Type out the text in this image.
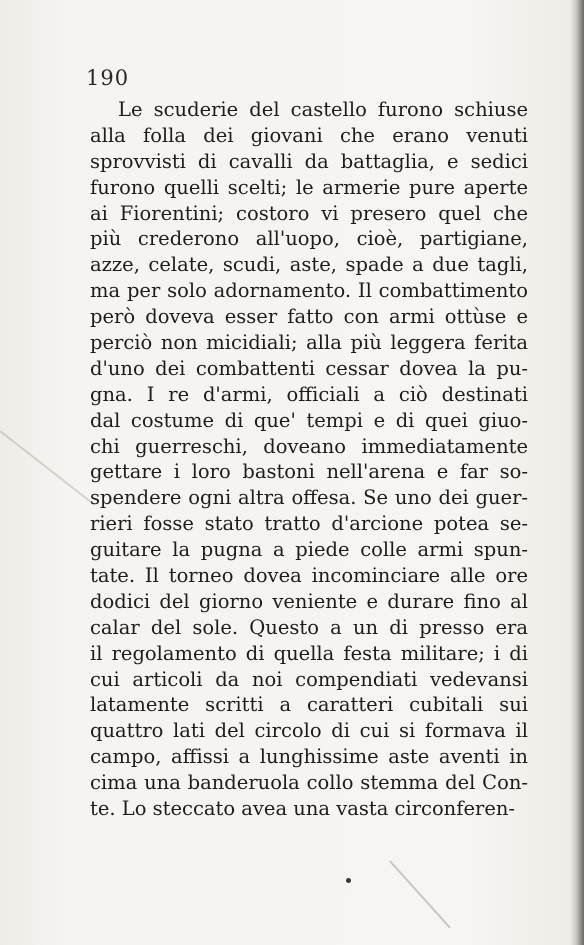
190
Le scuderie del castello furono schiuse
alla folla dei giovani che erano venuti
sprovvisti di cavalli da battaglia, e sedici
furono quelli scelti; le armerie pure aperte
ai Fiorentini; costoro vi presero quel che
più crederono all'uopo, cioè, partigiane,
azze, celate, scudi, aste, spade a due tagli,
ma per solo adornamento. Il combattimento
però doveva esser fatto con armi ottùse e
perciò non micidiali; alla più leggera ferita
d'uno dei combattenti cessar dovea la pu-
gna. I re d'armi, officiali a ciò destinati
dal costume di que' tempi e di quei giuo-
chi guerreschi, doveano immediatamente
gettare i loro bastoni nell'arena e far so-
spendere ogni altra offesa. Se uno dei guer-
rieri fosse stato tratto d'arcione potea se-
guitare la pugna a piede colle armi spun-
tate. Il torneo dovea incominciare alle ore
dodici del giorno veniente e durare fino al
calar del sole. Questo a un di presso era
il regolamento di quella festa militare; i di
cui articoli da noi compendiati vedevansi
latamente scritti a caratteri cubitali sui
quattro lati del circolo di cui si formava il
campo, affissi a lunghissime aste aventi in
cima una banderuola collo stemma del Con-
te. Lo steccato avea una vasta circonferen-
